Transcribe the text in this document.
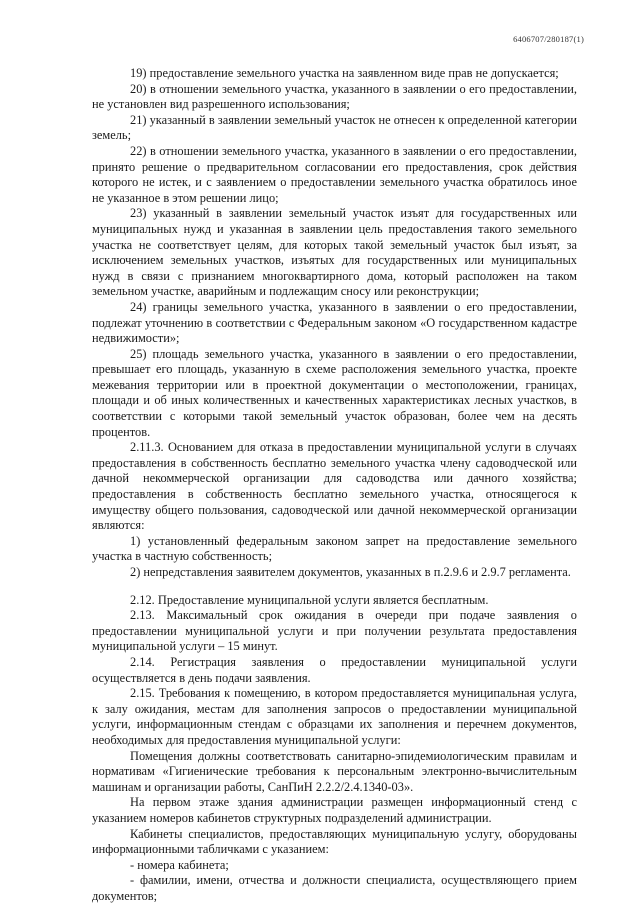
6406707/280187(1)

19) предоставление земельного участка на заявленном виде прав не допускается;

20) в отношении земельного участка, указанного в заявлении о его предоставлении, не установлен вид разрешенного использования;

21) указанный в заявлении земельный участок не отнесен к определенной категории земель;

22) в отношении земельного участка, указанного в заявлении о его предоставлении, принято решение о предварительном согласовании его предоставления, срок действия которого не истек, и с заявлением о предоставлении земельного участка обратилось иное не указанное в этом решении лицо;

23) указанный в заявлении земельный участок изъят для государственных или муниципальных нужд и указанная в заявлении цель предоставления такого земельного участка не соответствует целям, для которых такой земельный участок был изъят, за исключением земельных участков, изъятых для государственных или муниципальных нужд в связи с признанием многоквартирного дома, который расположен на таком земельном участке, аварийным и подлежащим сносу или реконструкции;

24) границы земельного участка, указанного в заявлении о его предоставлении, подлежат уточнению в соответствии с Федеральным законом «О государственном кадастре недвижимости»;

25) площадь земельного участка, указанного в заявлении о его предоставлении, превышает его площадь, указанную в схеме расположения земельного участка, проекте межевания территории или в проектной документации о местоположении, границах, площади и об иных количественных и качественных характеристиках лесных участков, в соответствии с которыми такой земельный участок образован, более чем на десять процентов.

2.11.3. Основанием для отказа в предоставлении муниципальной услуги в случаях предоставления в собственность бесплатно земельного участка члену садоводческой или дачной некоммерческой организации для садоводства или дачного хозяйства; предоставления в собственность бесплатно земельного участка, относящегося к имуществу общего пользования, садоводческой или дачной некоммерческой организации являются:

1) установленный федеральным законом запрет на предоставление земельного участка в частную собственность;

2) непредставления заявителем документов, указанных в п.2.9.6 и 2.9.7 регламента.

2.12. Предоставление муниципальной услуги является бесплатным.

2.13. Максимальный срок ожидания в очереди при подаче заявления о предоставлении муниципальной услуги и при получении результата предоставления муниципальной услуги – 15 минут.

2.14. Регистрация заявления о предоставлении муниципальной услуги осуществляется в день подачи заявления.

2.15. Требования к помещению, в котором предоставляется муниципальная услуга, к залу ожидания, местам для заполнения запросов о предоставлении муниципальной услуги, информационным стендам с образцами их заполнения и перечнем документов, необходимых для предоставления муниципальной услуги:

Помещения должны соответствовать санитарно-эпидемиологическим правилам и нормативам «Гигиенические требования к персональным электронно-вычислительным машинам и организации работы, СанПиН 2.2.2/2.4.1340-03».

На первом этаже здания администрации размещен информационный стенд с указанием номеров кабинетов структурных подразделений администрации.

Кабинеты специалистов, предоставляющих муниципальную услугу, оборудованы информационными табличками с указанием:

- номера кабинета;

- фамилии, имени, отчества и должности специалиста, осуществляющего прием документов;
